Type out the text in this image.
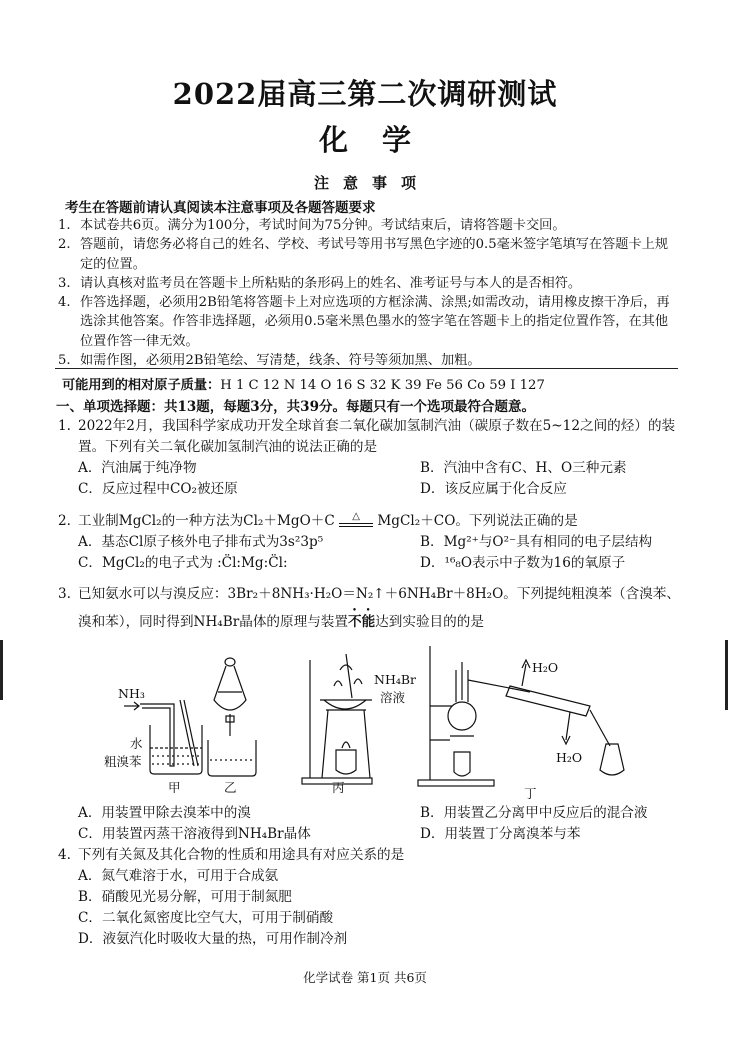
2022届高三第二次调研测试
化学
注意事项
考生在答题前请认真阅读本注意事项及各题答题要求
1. 本试卷共6页。满分为100分，考试时间为75分钟。考试结束后，请将答题卡交回。
2. 答题前，请您务必将自己的姓名、学校、考试号等用书写黑色字迹的0.5毫米签字笔填写在答题卡上规定的位置。
3. 请认真核对监考员在答题卡上所粘贴的条形码上的姓名、准考证号与本人的是否相符。
4. 作答选择题，必须用2B铅笔将答题卡上对应选项的方框涂满、涂黑;如需改动，请用橡皮擦干净后，再选涂其他答案。作答非选择题，必须用0.5毫米黑色墨水的签字笔在答题卡上的指定位置作答，在其他位置作答一律无效。
5. 如需作图，必须用2B铅笔绘、写清楚，线条、符号等须加黑、加粗。
可能用到的相对原子质量：H 1 C 12 N 14 O 16 S 32 K 39 Fe 56 Co 59 I 127
一、单项选择题：共13题，每题3分，共39分。每题只有一个选项最符合题意。
1. 2022年2月，我国科学家成功开发全球首套二氧化碳加氢制汽油（碳原子数在5~12之间的烃）的装置。下列有关二氧化碳加氢制汽油的说法正确的是
A．汽油属于纯净物	B．汽油中含有C、H、O三种元素
C．反应过程中CO₂被还原	D．该反应属于化合反应
2. 工业制MgCl₂的一种方法为Cl₂＋MgO＋C	△	MgCl₂＋CO。下列说法正确的是
A．基态Cl原子核外电子排布式为3s²3p⁵	B．Mg²⁺与O²⁻具有相同的电子层结构
C．MgCl₂的电子式为 :C̈l:Mg:C̈l:	D．¹⁶₈O表示中子数为16的氧原子
3. 已知氨水可以与溴反应：3Br₂＋8NH₃·H₂O＝N₂↑＋6NH₄Br＋8H₂O。下列提纯粗溴苯（含溴苯、溴和苯），同时得到NH₄Br晶体的原理与装置不能达到实验目的的是
NH₃
水
粗溴苯
甲	乙	丙
NH₄Br
溶液
H₂O
H₂O
丁
A．用装置甲除去溴苯中的溴	B．用装置乙分离甲中反应后的混合液
C．用装置丙蒸干溶液得到NH₄Br晶体	D．用装置丁分离溴苯与苯
4. 下列有关氮及其化合物的性质和用途具有对应关系的是
A．氮气难溶于水，可用于合成氨
B．硝酸见光易分解，可用于制氮肥
C．二氧化氮密度比空气大，可用于制硝酸
D．液氨汽化时吸收大量的热，可用作制冷剂
化学试卷 第1页 共6页
